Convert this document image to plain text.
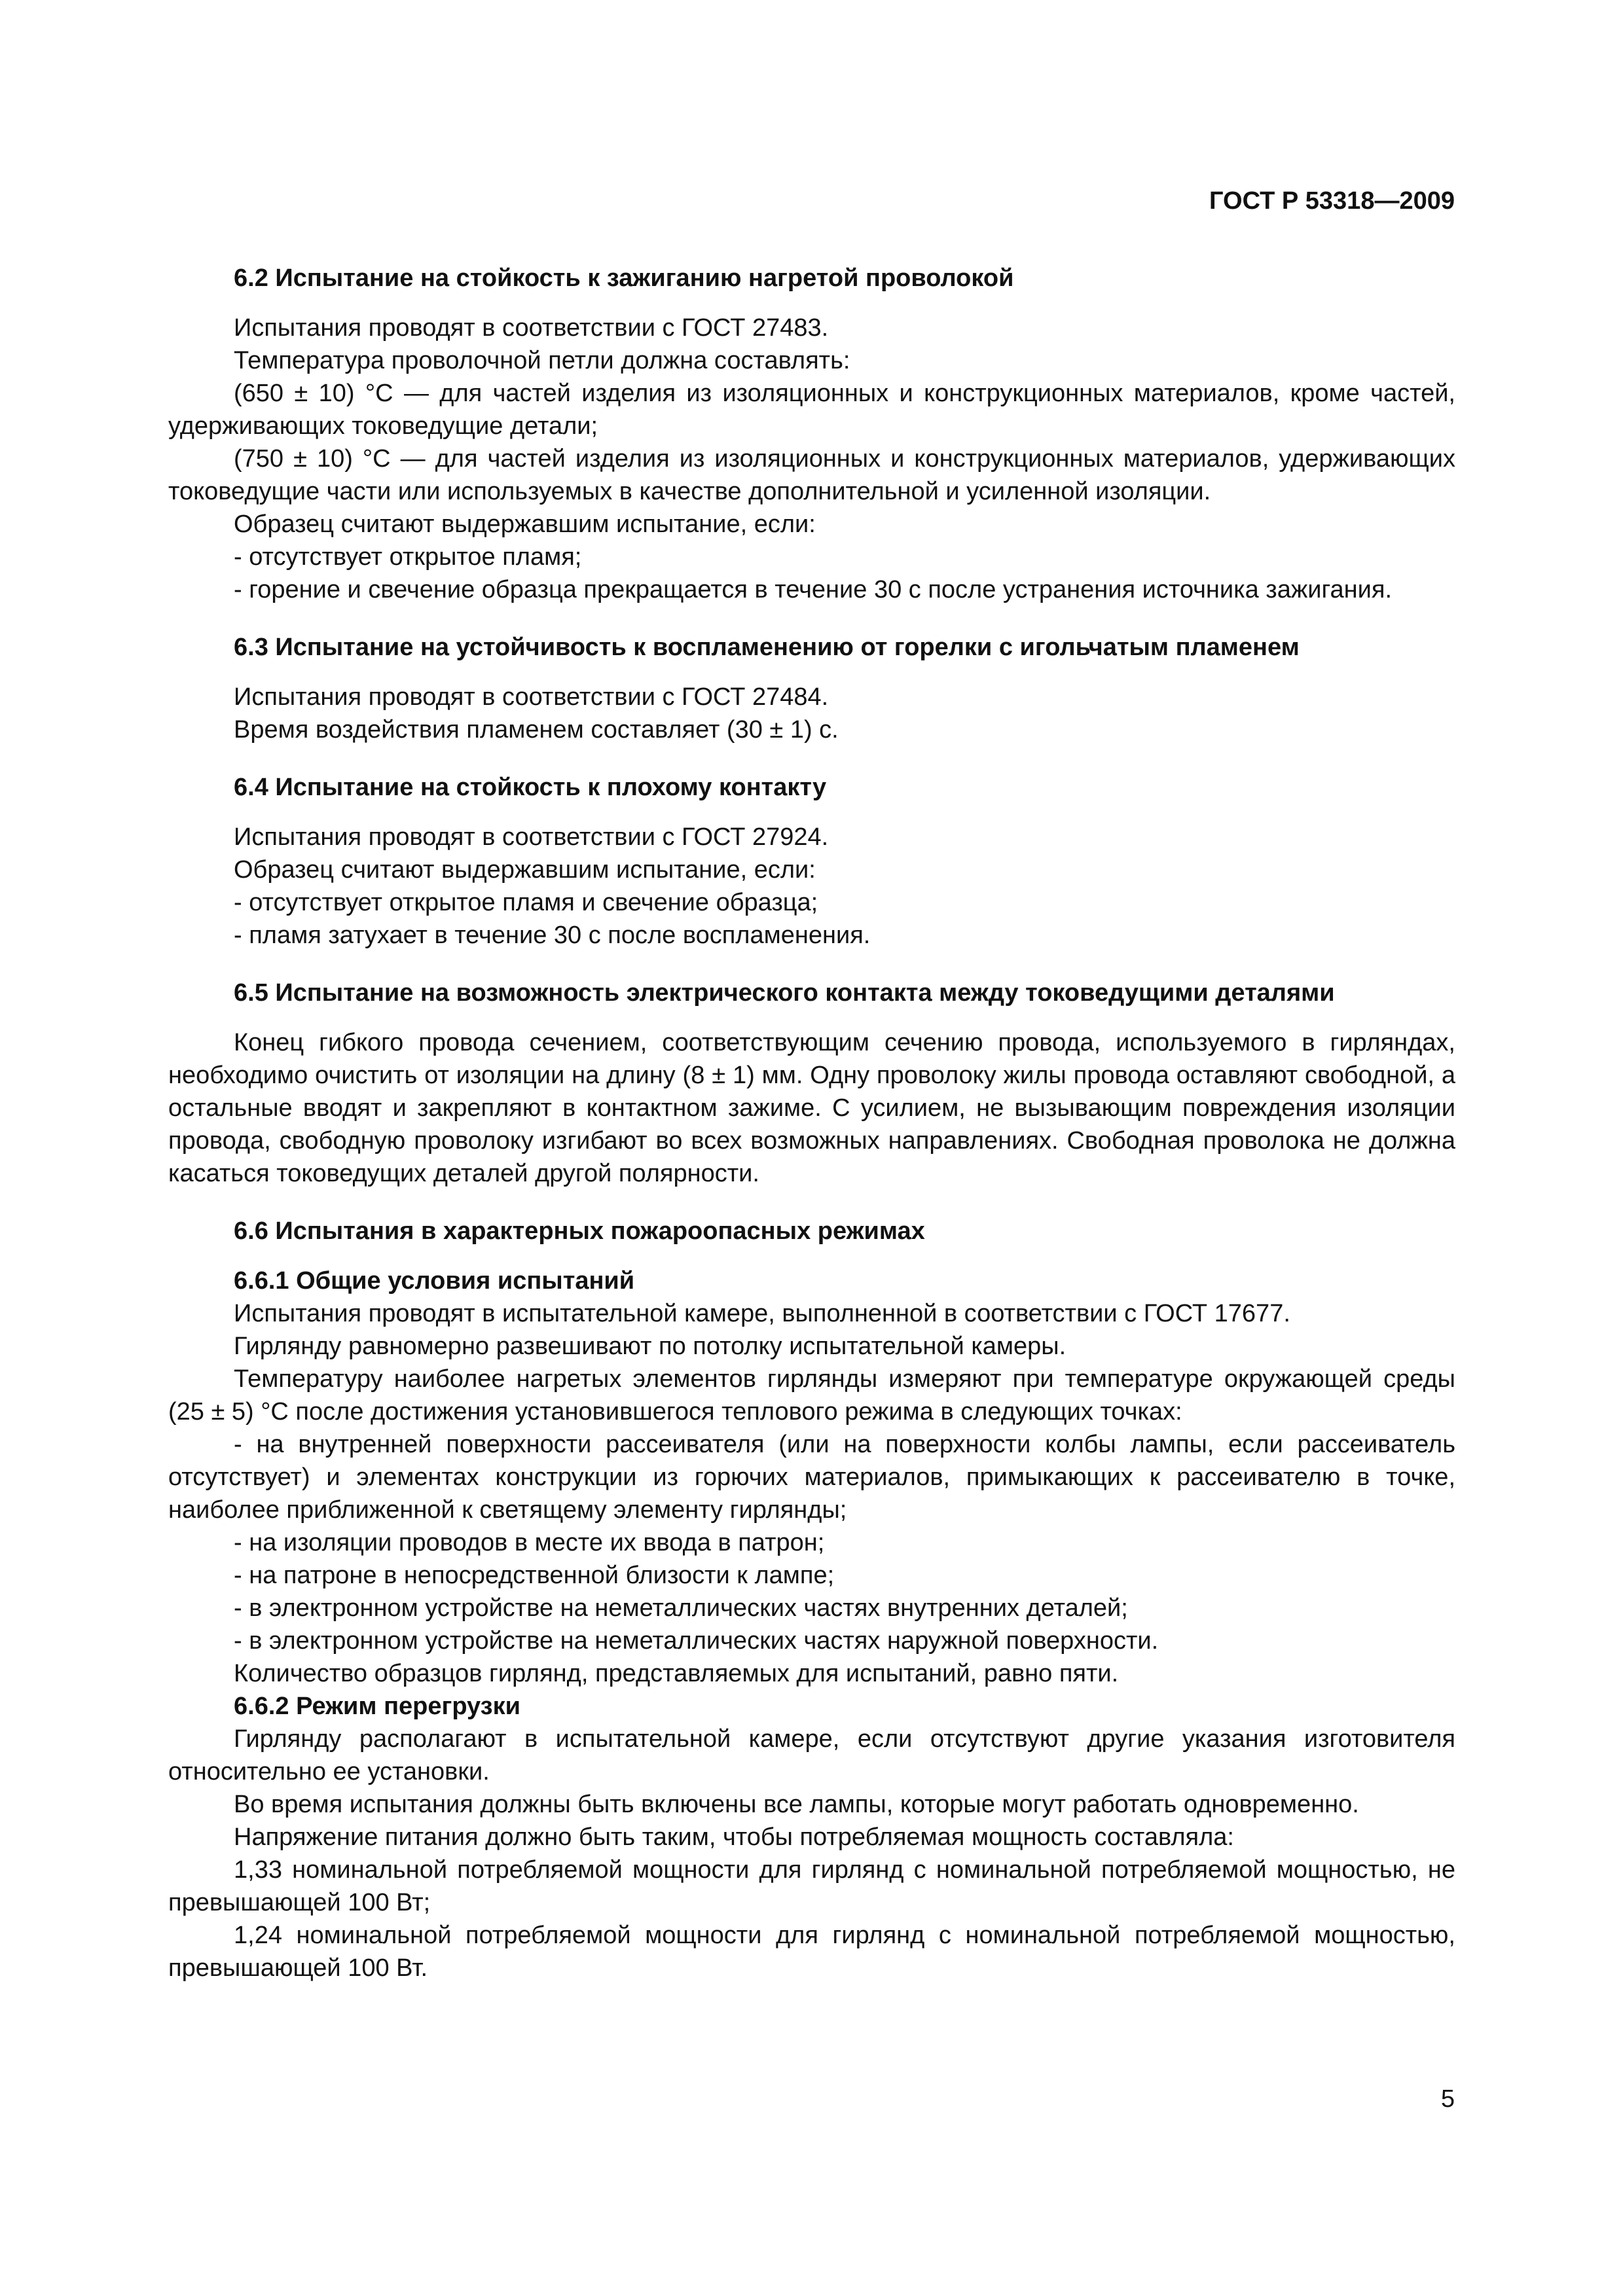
ГОСТ Р 53318—2009
6.2 Испытание на стойкость к зажиганию нагретой проволокой

Испытания проводят в соответствии с ГОСТ 27483.

Температура проволочной петли должна составлять:

(650 ± 10) °С — для частей изделия из изоляционных и конструкционных материалов, кроме частей, удерживающих токоведущие детали;

(750 ± 10) °С — для частей изделия из изоляционных и конструкционных материалов, удерживающих токоведущие части или используемых в качестве дополнительной и усиленной изоляции.

Образец считают выдержавшим испытание, если:

- отсутствует открытое пламя;

- горение и свечение образца прекращается в течение 30 с после устранения источника зажигания.

6.3 Испытание на устойчивость к воспламенению от горелки с игольчатым пламенем

Испытания проводят в соответствии с ГОСТ 27484.

Время воздействия пламенем составляет (30 ± 1) с.

6.4 Испытание на стойкость к плохому контакту

Испытания проводят в соответствии с ГОСТ 27924.

Образец считают выдержавшим испытание, если:

- отсутствует открытое пламя и свечение образца;

- пламя затухает в течение 30 с после воспламенения.

6.5 Испытание на возможность электрического контакта между токоведущими деталями

Конец гибкого провода сечением, соответствующим сечению провода, используемого в гирляндах, необходимо очистить от изоляции на длину (8 ± 1) мм. Одну проволоку жилы провода оставляют свободной, а остальные вводят и закрепляют в контактном зажиме. С усилием, не вызывающим повреждения изоляции провода, свободную проволоку изгибают во всех возможных направлениях. Свободная проволока не должна касаться токоведущих деталей другой полярности.

6.6 Испытания в характерных пожароопасных режимах
6.6.1 Общие условия испытаний

Испытания проводят в испытательной камере, выполненной в соответствии с ГОСТ 17677.

Гирлянду равномерно развешивают по потолку испытательной камеры.

Температуру наиболее нагретых элементов гирлянды измеряют при температуре окружающей среды (25 ± 5) °С после достижения установившегося теплового режима в следующих точках:

- на внутренней поверхности рассеивателя (или на поверхности колбы лампы, если рассеиватель отсутствует) и элементах конструкции из горючих материалов, примыкающих к рассеивателю в точке, наиболее приближенной к светящему элементу гирлянды;

- на изоляции проводов в месте их ввода в патрон;

- на патроне в непосредственной близости к лампе;

- в электронном устройстве на неметаллических частях внутренних деталей;

- в электронном устройстве на неметаллических частях наружной поверхности.

Количество образцов гирлянд, представляемых для испытаний, равно пяти.

6.6.2 Режим перегрузки

Гирлянду располагают в испытательной камере, если отсутствуют другие указания изготовителя относительно ее установки.

Во время испытания должны быть включены все лампы, которые могут работать одновременно.

Напряжение питания должно быть таким, чтобы потребляемая мощность составляла:

1,33 номинальной потребляемой мощности для гирлянд с номинальной потребляемой мощностью, не превышающей 100 Вт;

1,24 номинальной потребляемой мощности для гирлянд с номинальной потребляемой мощностью, превышающей 100 Вт.

5
